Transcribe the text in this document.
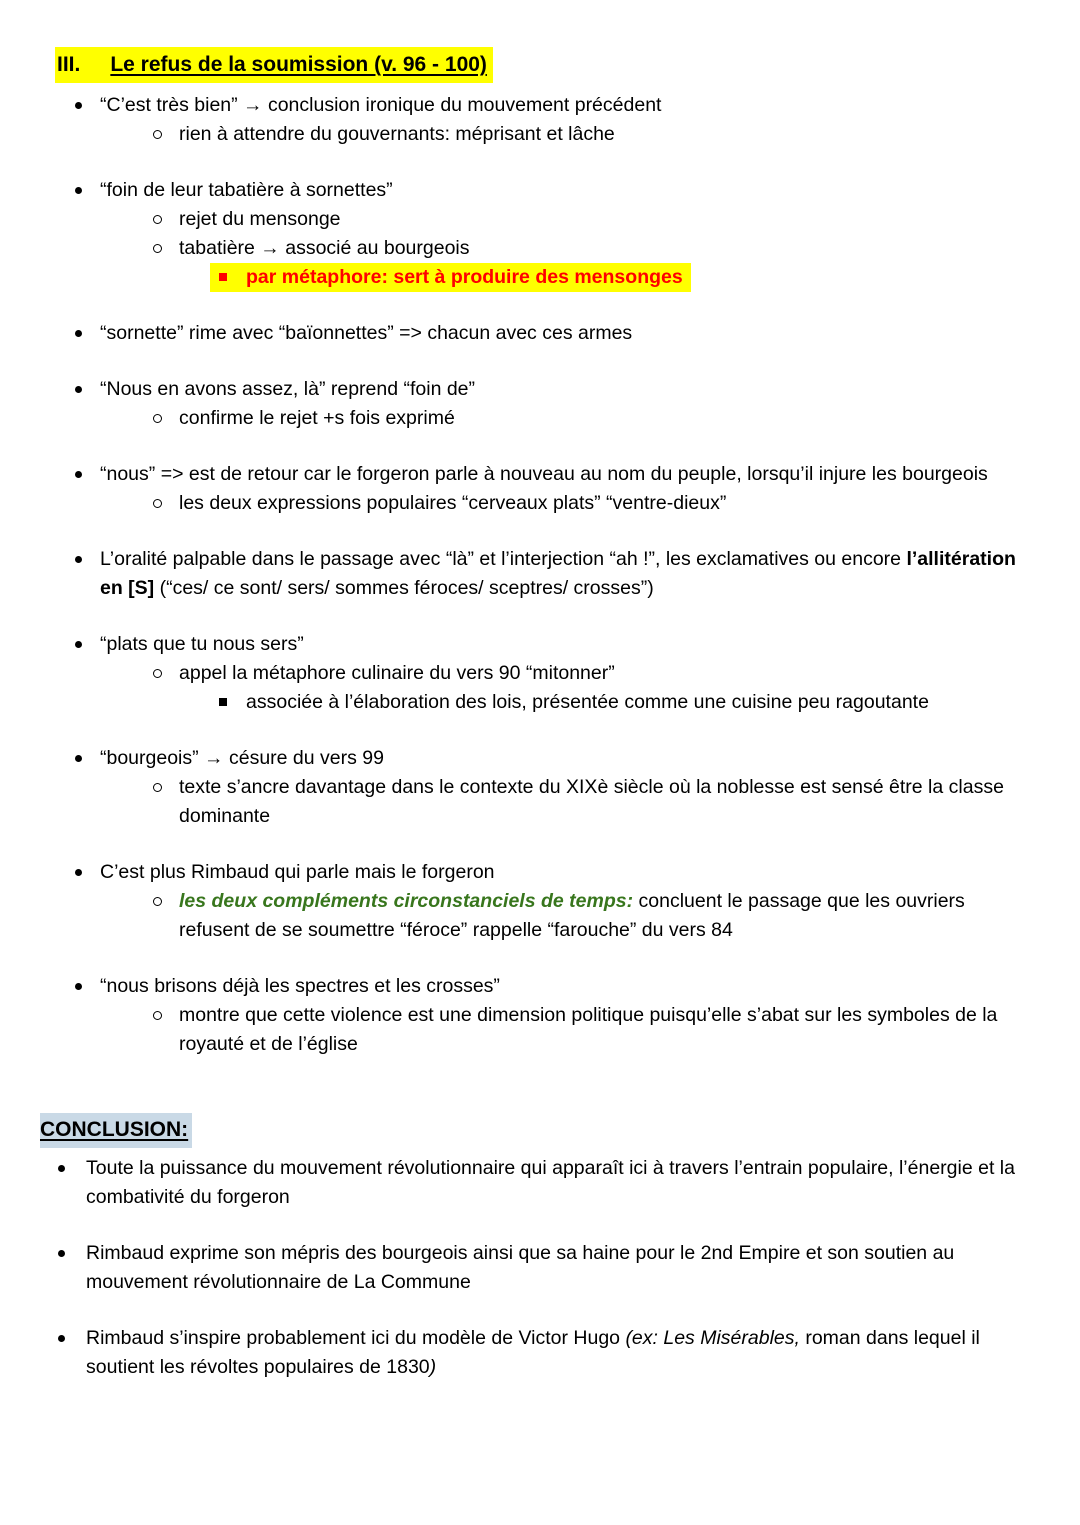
III. Le refus de la soumission (v. 96 - 100)

“C’est très bien” → conclusion ironique du mouvement précédent

rien à attendre du gouvernants: méprisant et lâche

“foin de leur tabatière à sornettes”

rejet du mensonge

tabatière → associé au bourgeois

par métaphore: sert à produire des mensonges

“sornette” rime avec “baïonnettes” => chacun avec ces armes

“Nous en avons assez, là” reprend “foin de”

confirme le rejet +s fois exprimé

“nous” => est de retour car le forgeron parle à nouveau au nom du peuple, lorsqu’il injure les bourgeois

les deux expressions populaires “cerveaux plats” “ventre-dieux”

L’oralité palpable dans le passage avec “là” et l’interjection “ah !”, les exclamatives ou encore l’allitération en [S] (“ces/ ce sont/ sers/ sommes féroces/ sceptres/ crosses”)

“plats que tu nous sers”

appel la métaphore culinaire du vers 90 “mitonner”

associée à l’élaboration des lois, présentée comme une cuisine peu ragoutante

“bourgeois” → césure du vers 99

texte s’ancre davantage dans le contexte du XIXè siècle où la noblesse est sensé être la classe dominante

C’est plus Rimbaud qui parle mais le forgeron

les deux compléments circonstanciels de temps: concluent le passage que les ouvriers refusent de se soumettre “féroce” rappelle “farouche” du vers 84

“nous brisons déjà les spectres et les crosses”

montre que cette violence est une dimension politique puisqu’elle s’abat sur les symboles de la royauté et de l’église

CONCLUSION:

Toute la puissance du mouvement révolutionnaire qui apparaît ici à travers l’entrain populaire, l’énergie et la combativité du forgeron

Rimbaud exprime son mépris des bourgeois ainsi que sa haine pour le 2nd Empire et son soutien au mouvement révolutionnaire de La Commune

Rimbaud s’inspire probablement ici du modèle de Victor Hugo (ex: Les Misérables, roman dans lequel il soutient les révoltes populaires de 1830)
